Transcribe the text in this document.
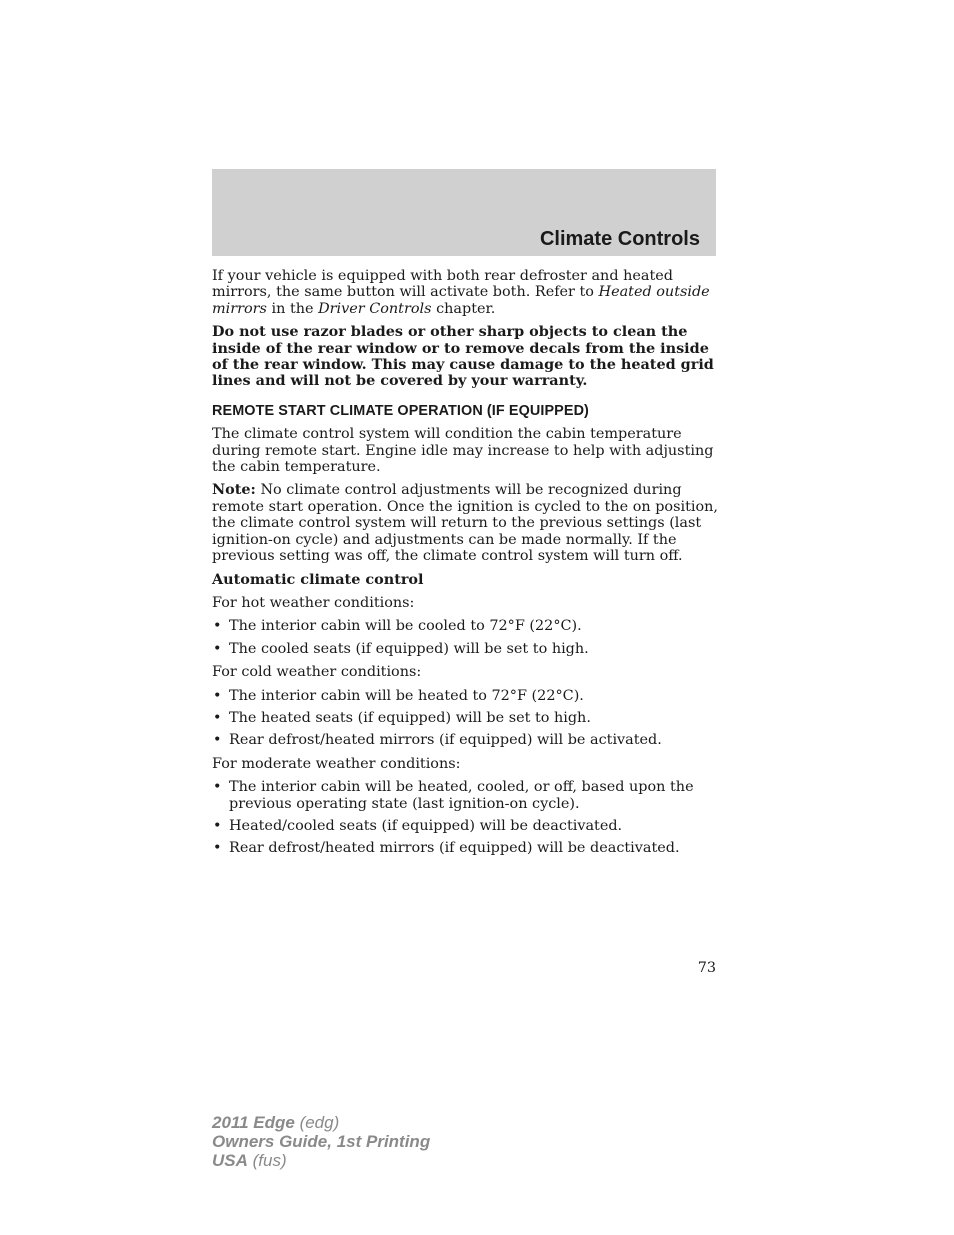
Climate Controls

If your vehicle is equipped with both rear defroster and heated mirrors, the same button will activate both. Refer to Heated outside mirrors in the Driver Controls chapter.

Do not use razor blades or other sharp objects to clean the inside of the rear window or to remove decals from the inside of the rear window. This may cause damage to the heated grid lines and will not be covered by your warranty.

REMOTE START CLIMATE OPERATION (IF EQUIPPED)

The climate control system will condition the cabin temperature during remote start. Engine idle may increase to help with adjusting the cabin temperature.

Note: No climate control adjustments will be recognized during remote start operation. Once the ignition is cycled to the on position, the climate control system will return to the previous settings (last ignition-on cycle) and adjustments can be made normally. If the previous setting was off, the climate control system will turn off.

Automatic climate control

For hot weather conditions:

• The interior cabin will be cooled to 72°F (22°C).
• The cooled seats (if equipped) will be set to high.

For cold weather conditions:

• The interior cabin will be heated to 72°F (22°C).
• The heated seats (if equipped) will be set to high.
• Rear defrost/heated mirrors (if equipped) will be activated.

For moderate weather conditions:

• The interior cabin will be heated, cooled, or off, based upon the previous operating state (last ignition-on cycle).
• Heated/cooled seats (if equipped) will be deactivated.
• Rear defrost/heated mirrors (if equipped) will be deactivated.
73
2011 Edge (edg)
Owners Guide, 1st Printing
USA (fus)
